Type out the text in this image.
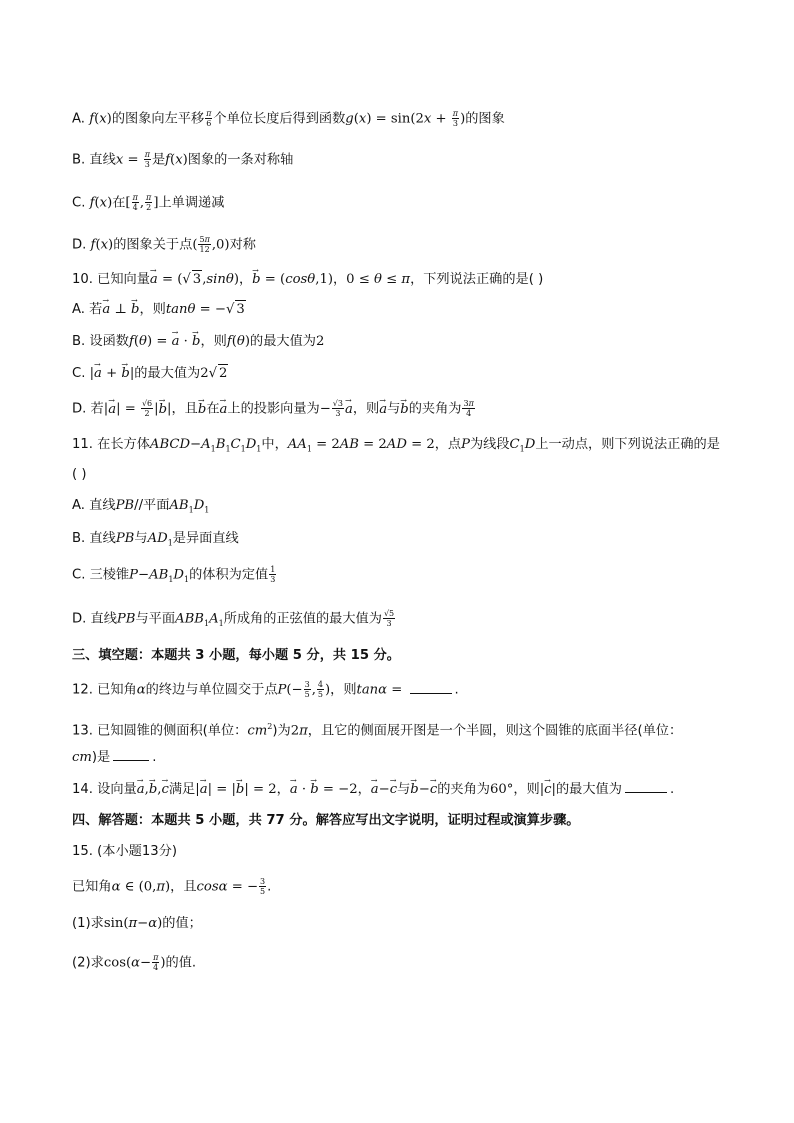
A. f(x)的图象向左平移 $\frac{\pi}{6}$ 个单位长度后得到函数$g(x) = \sin(2x + \frac{\pi}{3}$ )的图象
B. 直线$x = \frac{\pi}{3}$ 是f(x)图象的一条对称轴
C. f(x)在[ $\frac{\pi}{4}$ , $\frac{\pi}{2}$ ]上单调递减
D. f(x)的图象关于点( $\frac{5\pi}{12} ,0$)对称
10. 已知向量→ a = (√ 3,sinθ)，→ b = (cosθ,1)，0 ≤ θ ≤ π，下列说法正确的是( )
A. 若→ a ⊥ → b，则tanθ = −√ 3
B. 设函数f(θ) = → a · → b，则f(θ)的最大值为2
C. |→ a + → b|的最大值为2√ 2
D. 若|→ $a| = \frac{√6}{2}$ |→ b|，且→ b在→ a上的投影向量为− $\frac{√3}{3}$
→ a，则→ a与→ b的夹角为 $\frac{3\pi}{4}$
11. 在长方体$ABCD-A_1B_1C_1D_1$中，$AA_1 = 2AB = 2AD = 2$，点P为线段$C_1D$上一动点，则下列说法正确的是
( )
A. 直线PB//平面$AB_1D_1$
B. 直线PB与$AD_1$是异面直线
C. 三棱锥$P-AB_1D_1$的体积为定值 $\frac{1}{3}$
D. 直线PB与平面$ABB_1A_1$所成角的正弦值的最大值为 $\frac{√5}{3}$
三、填空题：本题共 3 小题，每小题 5 分，共 15 分。
12. 已知角α的终边与单位圆交于点$P(- \frac{3}{5}$ , $\frac{4}{5}$ )，则tanα =	.
13. 已知圆锥的侧面积(单位：$cm^2$)为2π，且它的侧面展开图是一个半圆，则这个圆锥的底面半径(单位：
cm)是	.
14. 设向量→ a,→ b,→ c满足|→ a| = |→ b| = 2，→ a · → b = −2，→ a−→ c与→ b−→ c的夹角为60°，则|→ c|的最大值为	.
四、解答题：本题共 5 小题，共 77 分。解答应写出文字说明，证明过程或演算步骤。
15. (本小题13分)
已知角α ∈ (0,π)，且cosα = − $\frac{3}{5}$ .
(1)求sin(π−α)的值；
(2)求$\cos(\alpha- \frac{\pi}{4}$ )的值.
